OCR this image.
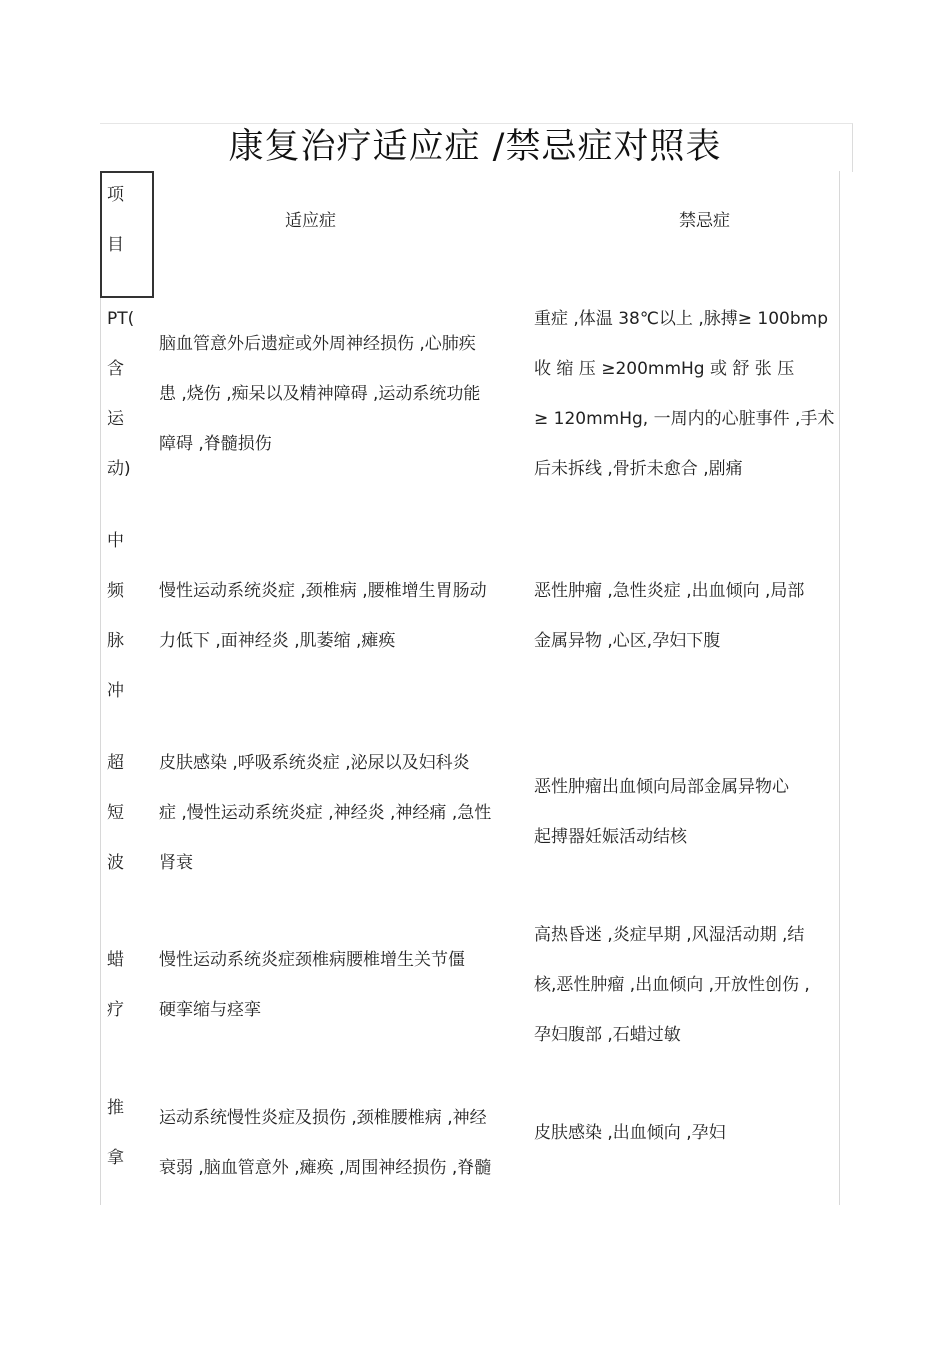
康复治疗适应症 /禁忌症对照表
项
目
适应症	禁忌症
PT(
含
运
动)
脑血管意外后遗症或外周神经损伤 ,心肺疾
患 ,烧伤 ,痴呆以及精神障碍 ,运动系统功能
障碍 ,脊髓损伤
重症 ,体温 38℃以上 ,脉搏≥ 100bmp
收 缩 压 ≥200mmHg 或 舒 张 压
≥ 120mmHg, 一周内的心脏事件 ,手术
后未拆线 ,骨折未愈合 ,剧痛
中
频
脉
冲
慢性运动系统炎症 ,颈椎病 ,腰椎增生胃肠动
力低下 ,面神经炎 ,肌萎缩 ,瘫痪
恶性肿瘤 ,急性炎症 ,出血倾向 ,局部
金属异物 ,心区,孕妇下腹
超
短
波
皮肤感染 ,呼吸系统炎症 ,泌尿以及妇科炎
症 ,慢性运动系统炎症 ,神经炎 ,神经痛 ,急性
肾衰
恶性肿瘤出血倾向局部金属异物心
起搏器妊娠活动结核
蜡
疗
慢性运动系统炎症颈椎病腰椎增生关节僵
硬挛缩与痉挛
高热昏迷 ,炎症早期 ,风湿活动期 ,结
核,恶性肿瘤 ,出血倾向 ,开放性创伤 ,
孕妇腹部 ,石蜡过敏
推
拿
运动系统慢性炎症及损伤 ,颈椎腰椎病 ,神经
衰弱 ,脑血管意外 ,瘫痪 ,周围神经损伤 ,脊髓
皮肤感染 ,出血倾向 ,孕妇
